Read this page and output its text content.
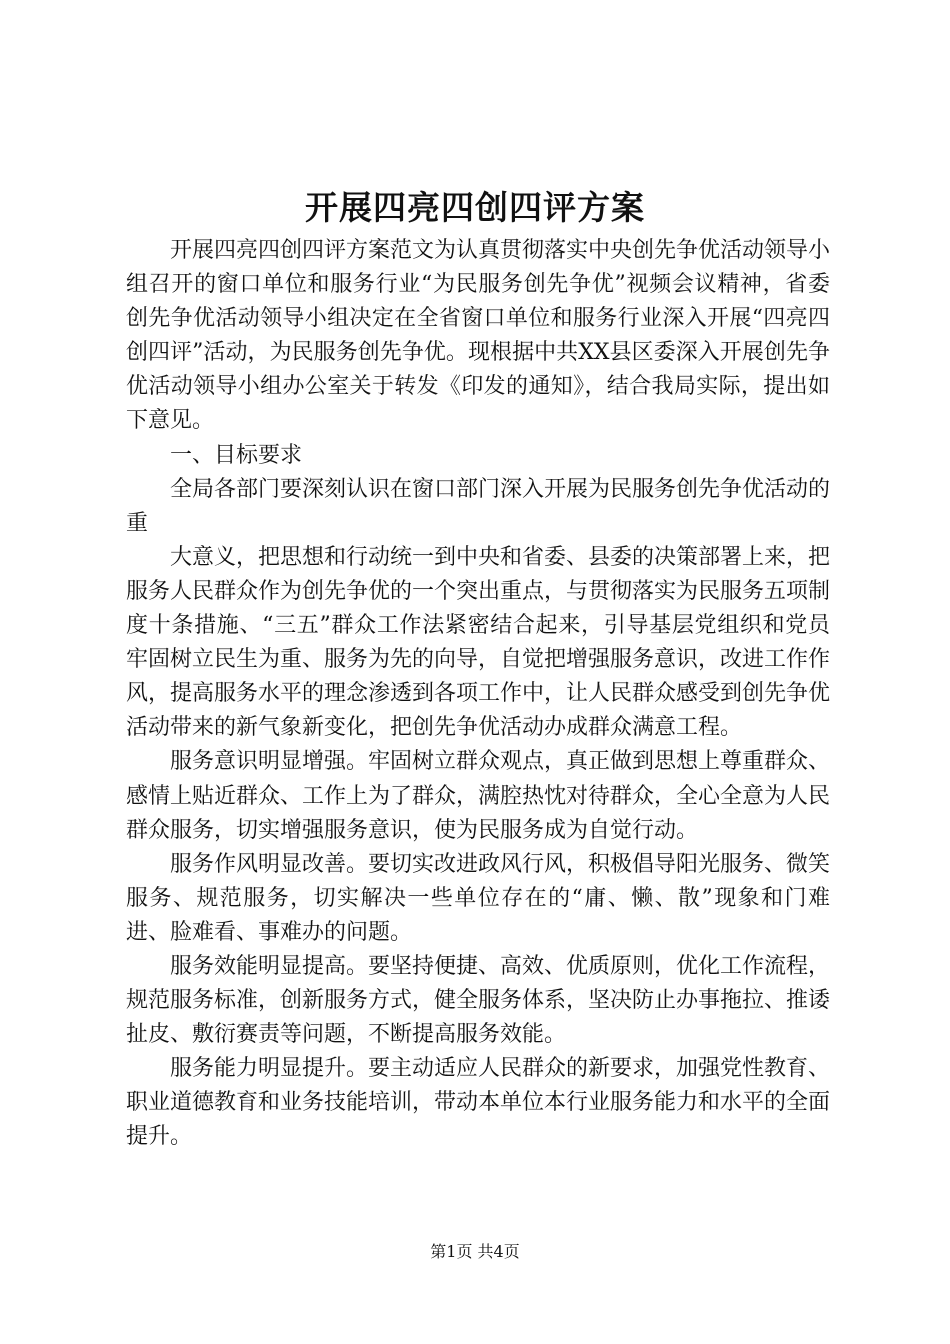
开展四亮四创四评方案

开展四亮四创四评方案范文为认真贯彻落实中央创先争优活动领导小组召开的窗口单位和服务行业“为民服务创先争优”视频会议精神，省委创先争优活动领导小组决定在全省窗口单位和服务行业深入开展“四亮四创四评”活动，为民服务创先争优。现根据中共XX县区委深入开展创先争优活动领导小组办公室关于转发《印发的通知》，结合我局实际，提出如下意见。

一、目标要求

全局各部门要深刻认识在窗口部门深入开展为民服务创先争优活动的重

大意义，把思想和行动统一到中央和省委、县委的决策部署上来，把服务人民群众作为创先争优的一个突出重点，与贯彻落实为民服务五项制度十条措施、“三五”群众工作法紧密结合起来，引导基层党组织和党员牢固树立民生为重、服务为先的向导，自觉把增强服务意识，改进工作作风，提高服务水平的理念渗透到各项工作中，让人民群众感受到创先争优活动带来的新气象新变化，把创先争优活动办成群众满意工程。

服务意识明显增强。牢固树立群众观点，真正做到思想上尊重群众、感情上贴近群众、工作上为了群众，满腔热忱对待群众，全心全意为人民群众服务，切实增强服务意识，使为民服务成为自觉行动。

服务作风明显改善。要切实改进政风行风，积极倡导阳光服务、微笑服务、规范服务，切实解决一些单位存在的“庸、懒、散”现象和门难进、脸难看、事难办的问题。

服务效能明显提高。要坚持便捷、高效、优质原则，优化工作流程，规范服务标准，创新服务方式，健全服务体系，坚决防止办事拖拉、推诿扯皮、敷衍赛责等问题，不断提高服务效能。

服务能力明显提升。要主动适应人民群众的新要求，加强党性教育、职业道德教育和业务技能培训，带动本单位本行业服务能力和水平的全面提升。

第1页 共4页
